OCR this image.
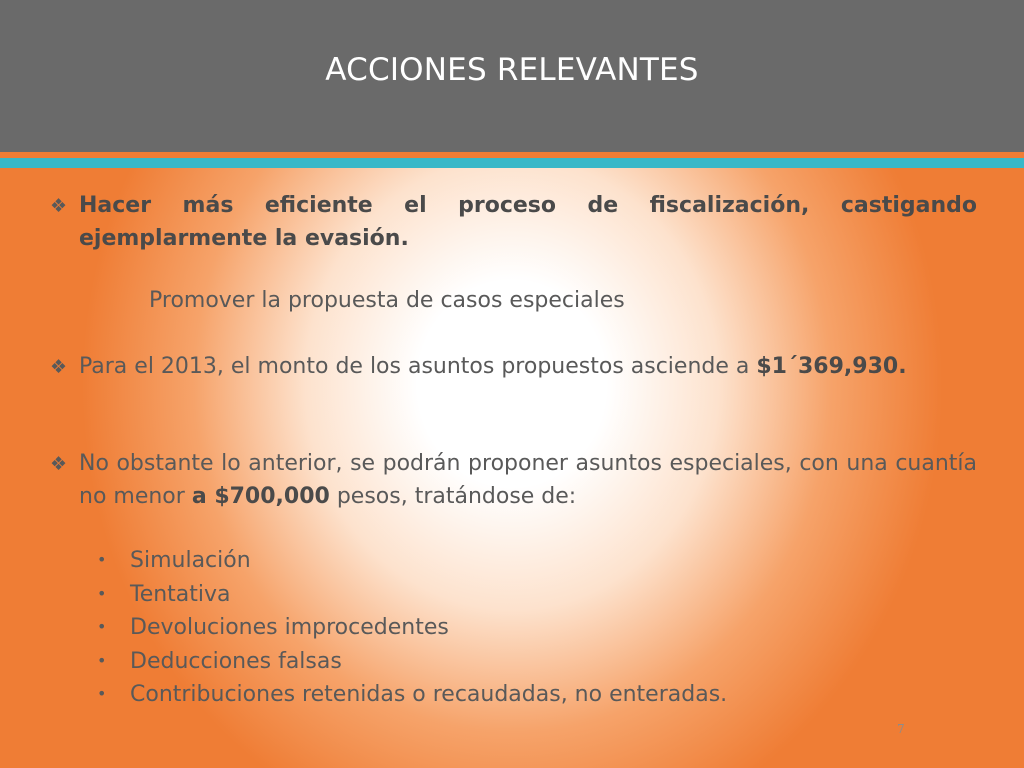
ACCIONES RELEVANTES
❖ Hacer más eficiente el proceso de fiscalización, castigando ejemplarmente la evasión.
Promover la propuesta de casos especiales
❖ Para el 2013, el monto de los asuntos propuestos asciende a $1´369,930.
❖ No obstante lo anterior, se podrán proponer asuntos especiales, con una cuantía no menor a $700,000 pesos, tratándose de:
• Simulación
• Tentativa
• Devoluciones improcedentes
• Deducciones falsas
• Contribuciones retenidas o recaudadas, no enteradas.
7
